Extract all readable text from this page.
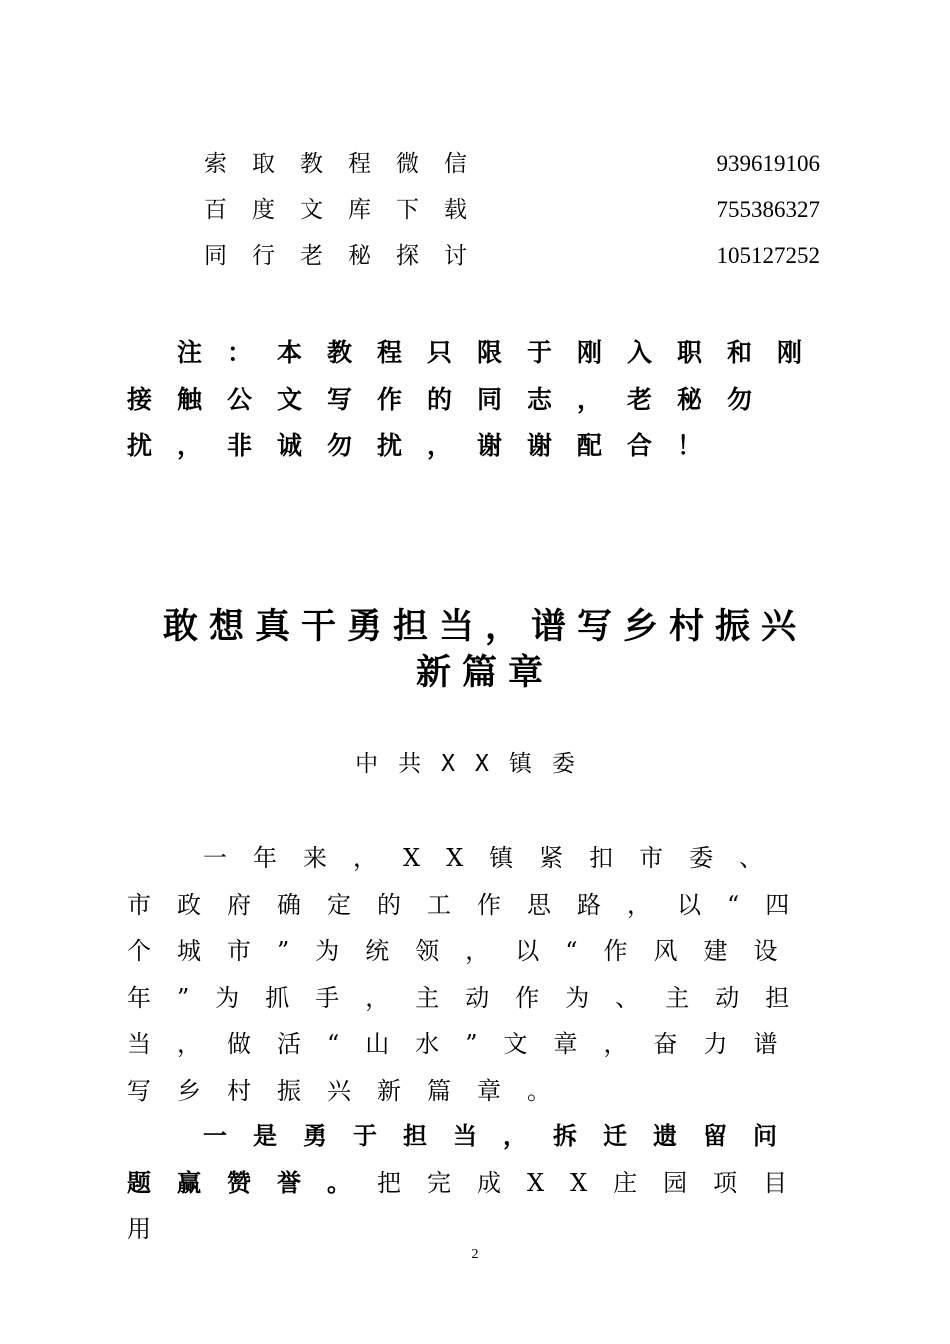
索取教程微信	939619106
百度文库下载	755386327
同行老秘探讨	105127252
注：本教程只限于刚入职和刚接触公文写作的同志，老秘勿扰，非诚勿扰，谢谢配合！
敢想真干勇担当，谱写乡村振兴
新篇章
中共XX镇委
一年来，XX镇紧扣市委、市政府确定的工作思路，以“四个城市”为统领，以“作风建设年”为抓手，主动作为、主动担当，做活“山水”文章，奋力谱写乡村振兴新篇章。
一是勇于担当，拆迁遗留问题赢赞誉。把完成XX庄园项目用
2
